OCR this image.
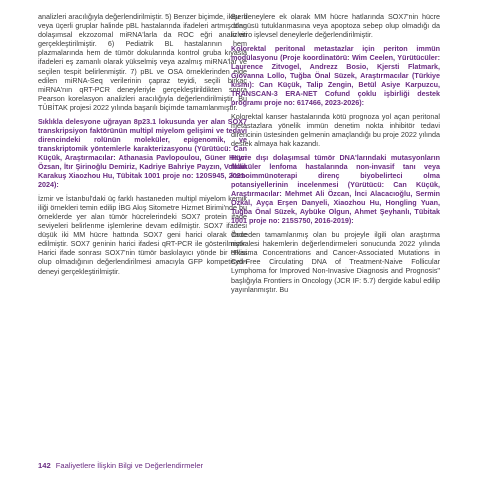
analizleri aracılığıyla değerlendirilmiştir. 5) Benzer biçimde, ikişerli veya üçerli gruplar halinde pBL hastalarında ifadeleri artmış olan dolaşımsal ekzozomal miRNA'larla da ROC eğri analizleri gerçekleştirilmiştir. 6) Pediatrik BL hastalarının hem plazmalarında hem de tümör dokularında kontrol gruba kıyasla ifadeleri eş zamanlı olarak yükselmiş veya azalmış miRNA'lar ve seçilen tespit belirlenmiştir. 7) pBL ve OSA örneklerinden elde edilen miRNA-Seq verilerinin çapraz teyidi, seçili birkaç miRNA'nın qRT-PCR deneyleriyle gerçekleştirildikten sonra Pearson korelasyon analizleri aracılığıyla değerlendirilmiştir. Bu TÜBİTAK projesi 2022 yılında başarılı biçimde tamamlanmıştır.

Sıklıkla delesyone uğrayan 8p23.1 lokusunda yer alan SOX7 transkripsiyon faktörünün multipl miyelom gelişimi ve tedavi direncindeki rolünün moleküler, epigenomik, ve transkriptomik yöntemlerle karakterizasyonu (Yürütücü: Can Küçük, Araştırmacılar: Athanasia Pavlopoulou, Güner Hayri Özsan, İtır Şirinoğlu Demiriz, Kadriye Bahriye Payzın, Volkan Karakuş Xiaozhou Hu, Tübitak 1001 proje no: 120S945, 2021-2024):

İzmir ve İstanbul'daki üç farklı hastaneden multipl miyelom kemik iliği örnekleri temin edilip İBG Akış Sitometre Hizmet Birimi'nde bu örneklerde yer alan tümör hücrelerindeki SOX7 protein ifade seviyeleri belirlenme işlemlerine devam edilmiştir. SOX7 ifadesi düşük iki MM hücre hattında SOX7 geni harici olarak ifade edilmiştir. SOX7 geninin harici ifadesi qRT-PCR ile gösterilmiştir. Harici ifade sonrası SOX7'nin tümör baskılayıcı yönde bir etkisi olup olmadığının değerlendirilmesi amacıyla GFP kompetisyon deneyi gerçekleştirilmiştir.

Bu deneylere ek olarak MM hücre hatlarında SOX7'nin hücre döngüsü tutuklanmasına veya apoptoza sebep olup olmadığı da in vitro işlevsel deneylerle değerlendirilmiştir.

Kolorektal peritonal metastazlar için periton immün modülasyonu (Proje koordinatörü: Wim Ceelen, Yürütücüler: Laurence Zitvogel, Andrezz Bosio, Kjersti Flatmark, Giovanna Lollo, Tuğba Önal Süzek, Araştırmacılar (Türkiye kısmı): Can Küçük, Talip Zengin, Betül Asiye Karpuzcu, TRANSCAN-3 ERA-NET Cofund çoklu işbirliği destek programı proje no: 617466, 2023-2026):

Kolorektal kanser hastalarında kötü prognoza yol açan peritonal metastazlara yönelik immün denetim nokta inhibitör tedavi direncinin üstesinden gelmenin amaçlandığı bu proje 2022 yılında destek almaya hak kazandı.

Hücre dışı dolaşımsal tümör DNA'larındaki mutasyonların folliküler lenfoma hastalarında non-invasif tanı veya kemoimmünoterapi direnç biyobelirteci olma potansiyellerinin incelenmesi (Yürütücü: Can Küçük, Araştırmacılar: Mehmet Ali Özcan, İnci Alacacıoğlu, Sermin Özkal, Ayça Erşen Danyeli, Xiaozhou Hu, Hongling Yuan, Tuğba Önal Süzek, Aybüke Olgun, Ahmet Şeyhanlı, Tübitak 1001 proje no: 215S750, 2016-2019):

Önceden tamamlanmış olan bu projeyle ilgili olan araştırma makalesi hakemlerin değerlendirmeleri sonucunda 2022 yılında "Plasma Concentrations and Cancer-Associated Mutations in Cell-Free Circulating DNA of Treatment-Naive Follicular Lymphoma for Improved Non-Invasive Diagnosis and Prognosis" başlığıyla Frontiers in Oncology (JCR IF: 5.7) dergide kabul edilip yayınlanmıştır. Bu

142 Faaliyetlere İlişkin Bilgi ve Değerlendirmeler
